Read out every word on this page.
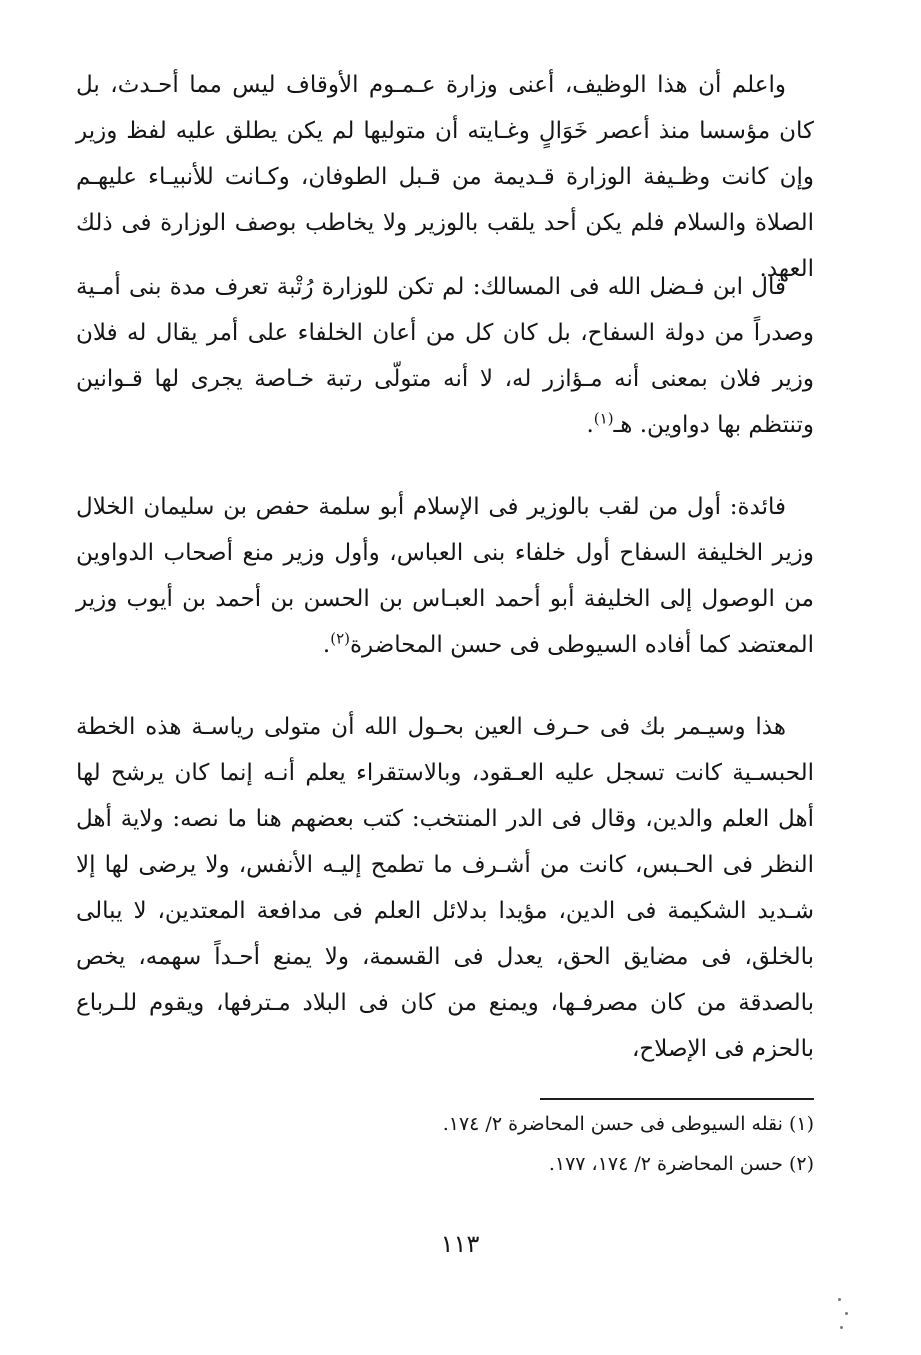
واعلم أن هذا الوظيف، أعنى وزارة عـمـوم الأوقاف ليس مما أحـدث، بل كان مؤسسا منذ أعصر خَوَالٍ وغـايته أن متوليها لم يكن يطلق عليه لفظ وزير وإن كانت وظـيفة الوزارة قـديمة من قـبل الطوفان، وكـانت للأنبيـاء عليهـم الصلاة والسلام فلم يكن أحد يلقب بالوزير ولا يخاطب بوصف الوزارة فى ذلك العهد.

قال ابن فـضل الله فى المسالك: لم تكن للوزارة رُتْبة تعرف مدة بنى أمـية وصدراً من دولة السفاح، بل كان كل من أعان الخلفاء على أمر يقال له فلان وزير فلان بمعنى أنه مـؤازر له، لا أنه متولّى رتبة خـاصة يجرى لها قـوانين وتنتظم بها دواوين. هـ$^{(١)}$.

فائدة: أول من لقب بالوزير فى الإسلام أبو سلمة حفص بن سليمان الخلال وزير الخليفة السفاح أول خلفاء بنى العباس، وأول وزير منع أصحاب الدواوين من الوصول إلى الخليفة أبو أحمد العبـاس بن الحسن بن أحمد بن أيوب وزير المعتضد كما أفاده السيوطى فى حسن المحاضرة$^{(٢)}$.

هذا وسيـمر بك فى حـرف العين بحـول الله أن متولى رياسـة هذه الخطة الحبسـية كانت تسجل عليه العـقود، وبالاستقراء يعلم أنـه إنما كان يرشح لها أهل العلم والدين، وقال فى الدر المنتخب: كتب بعضهم هنا ما نصه: ولاية أهل النظر فى الحـبس، كانت من أشـرف ما تطمح إليـه الأنفس، ولا يرضى لها إلا شـديد الشكيمة فى الدين، مؤيدا بدلائل العلم فى مدافعة المعتدين، لا يبالى بالخلق، فى مضايق الحق، يعدل فى القسمة، ولا يمنع أحـداً سهمه، يخص بالصدقة من كان مصرفـها، ويمنع من كان فى البلاد مـترفها، ويقوم للـرباع بالحزم فى الإصلاح،

(١) نقله السيوطى فى حسن المحاضرة ٢/ ١٧٤.

(٢) حسن المحاضرة ٢/ ١٧٤، ١٧٧.

١١٣
